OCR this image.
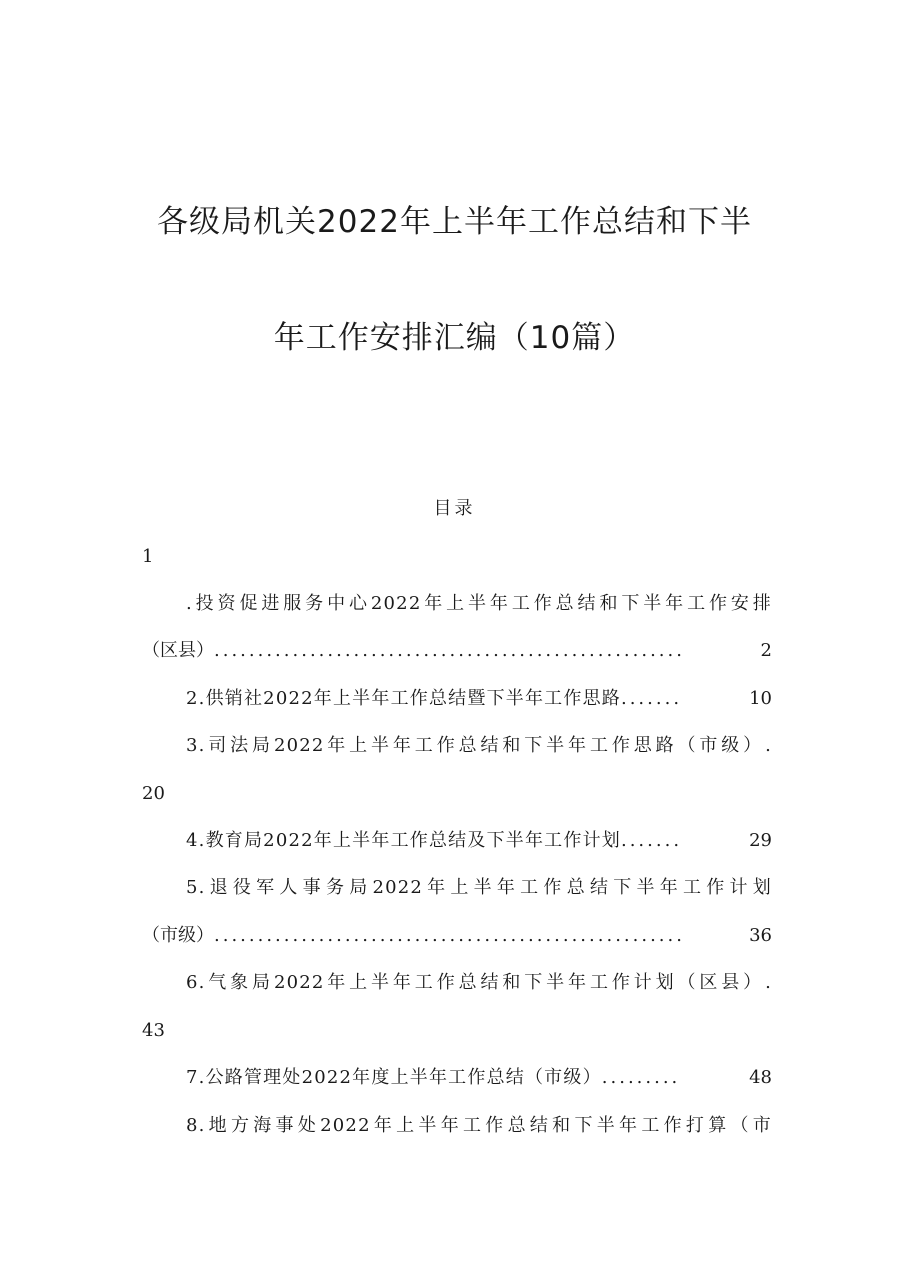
各级局机关2022年上半年工作总结和下半
年工作安排汇编（10篇）
目录
1
.投资促进服务中心2022年上半年工作总结和下半年工作安排
（区县） ......................................................	2
2.供销社2022年上半年工作总结暨下半年工作思路 .......	10
3.司法局2022年上半年工作总结和下半年工作思路（市级）.
20
4.教育局2022年上半年工作总结及下半年工作计划 .......	29
5.退役军人事务局2022年上半年工作总结下半年工作计划
（市级） ......................................................	36
6.气象局2022年上半年工作总结和下半年工作计划（区县）.
43
7.公路管理处2022年度上半年工作总结（市级） .........	48
8.地方海事处2022年上半年工作总结和下半年工作打算（市
